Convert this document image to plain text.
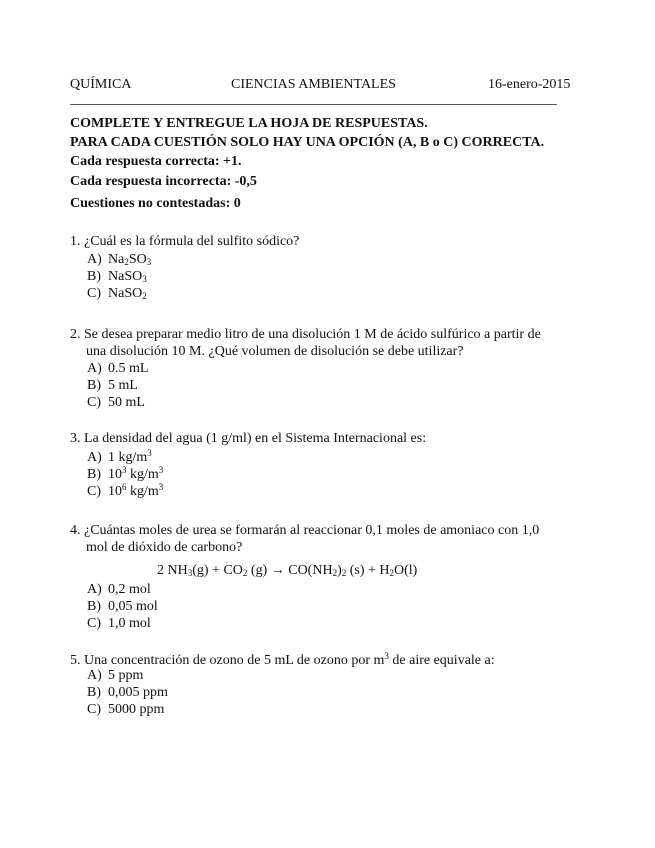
QUÍMICA	CIENCIAS AMBIENTALES	16-enero-2015
COMPLETE Y ENTREGUE LA HOJA DE RESPUESTAS.
PARA CADA CUESTIÓN SOLO HAY UNA OPCIÓN (A, B o C) CORRECTA.
Cada respuesta correcta: +1.
Cada respuesta incorrecta: -0,5
Cuestiones no contestadas: 0
1. ¿Cuál es la fórmula del sulfito sódico?
A) $Na_2SO_3$
B) NaSO$_3$
C) NaSO$_2$
2. Se desea preparar medio litro de una disolución 1 M de ácido sulfúrico a partir de
una disolución 10 M. ¿Qué volumen de disolución se debe utilizar?
A) 0.5 mL
B) 5 mL
C) 50 mL
3. La densidad del agua (1 g/ml) en el Sistema Internacional es:
A) 1 $kg/m^3$
B) $10^3$ $kg/m^3$
C) $10^6$ $kg/m^3$
4. ¿Cuántas moles de urea se formarán al reaccionar 0,1 moles de amoniaco con 1,0
mol de dióxido de carbono?
2 $NH_3(g) + CO_2$ $(g) \to CO(NH_2)_2$ $(s) + H_2O(l)$
A) 0,2 mol
B) 0,05 mol
C) 1,0 mol
5. Una concentración de ozono de 5 mL de ozono por $m^3$ de aire equivale a:
A) 5 ppm
B) 0,005 ppm
C) 5000 ppm
